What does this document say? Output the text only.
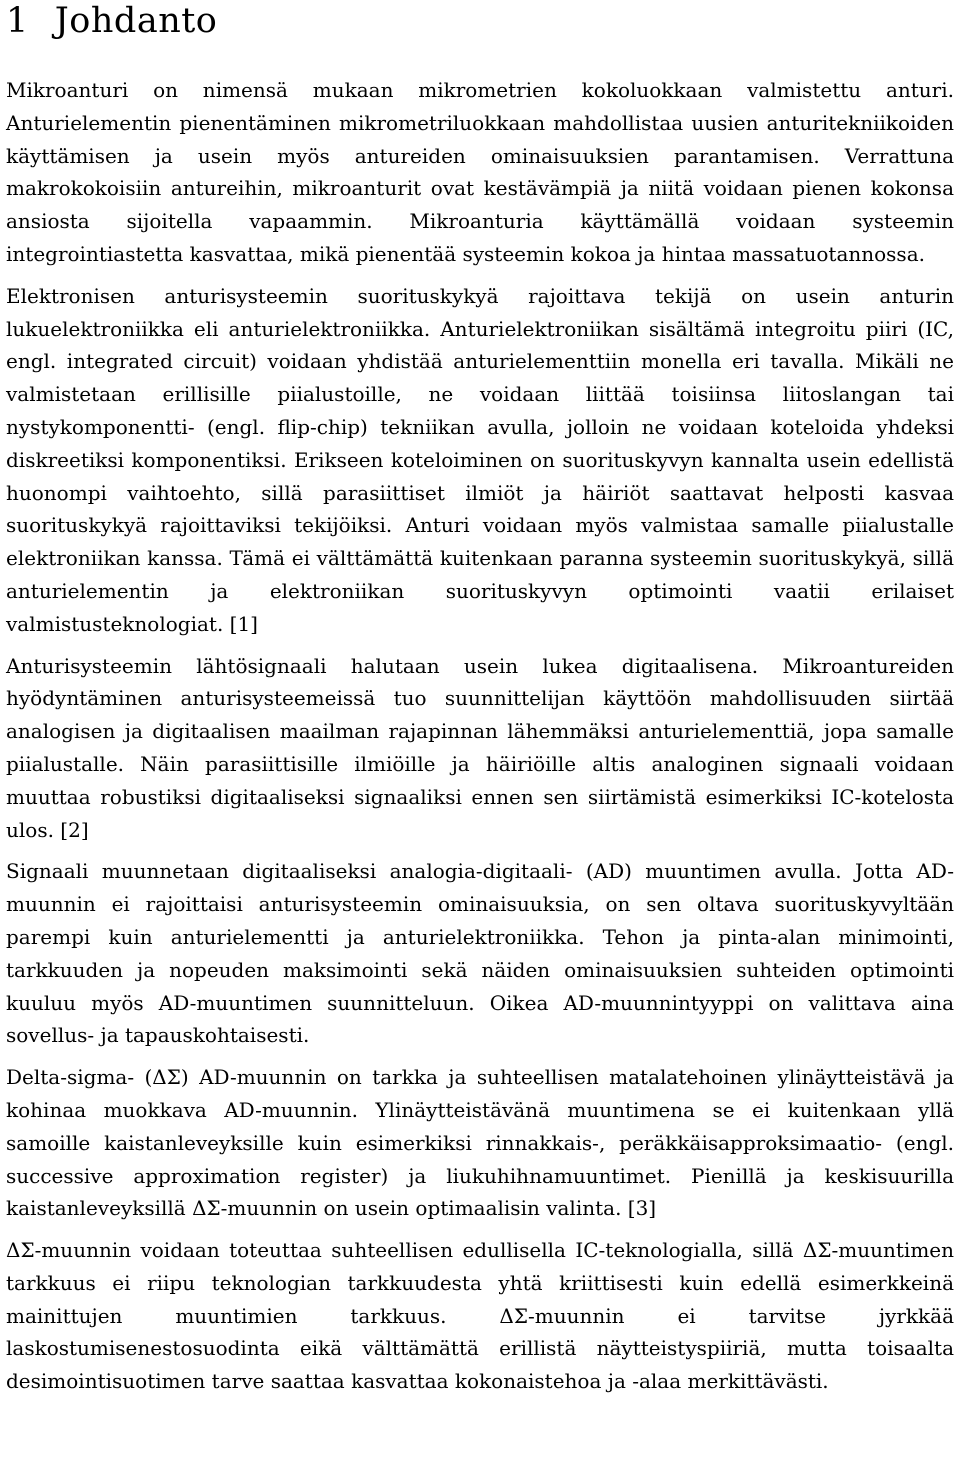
1 Johdanto

Mikroanturi on nimensä mukaan mikrometrien kokoluokkaan valmistettu anturi. Anturielementin pienentäminen mikrometriluokkaan mahdollistaa uusien anturitekniikoiden käyttämisen ja usein myös antureiden ominaisuuksien parantamisen. Verrattuna makrokokoisiin antureihin, mikroanturit ovat kestävämpiä ja niitä voidaan pienen kokonsa ansiosta sijoitella vapaammin. Mikroanturia käyttämällä voidaan systeemin integrointiastetta kasvattaa, mikä pienentää systeemin kokoa ja hintaa massatuotannossa.

Elektronisen anturisysteemin suorituskykyä rajoittava tekijä on usein anturin lukuelektroniikka eli anturielektroniikka. Anturielektroniikan sisältämä integroitu piiri (IC, engl. integrated circuit) voidaan yhdistää anturielementtiin monella eri tavalla. Mikäli ne valmistetaan erillisille piialustoille, ne voidaan liittää toisiinsa liitoslangan tai nystykomponentti- (engl. flip-chip) tekniikan avulla, jolloin ne voidaan koteloida yhdeksi diskreetiksi komponentiksi. Erikseen koteloiminen on suorituskyvyn kannalta usein edellistä huonompi vaihtoehto, sillä parasiittiset ilmiöt ja häiriöt saattavat helposti kasvaa suorituskykyä rajoittaviksi tekijöiksi. Anturi voidaan myös valmistaa samalle piialustalle elektroniikan kanssa. Tämä ei välttämättä kuitenkaan paranna systeemin suorituskykyä, sillä anturielementin ja elektroniikan suorituskyvyn optimointi vaatii erilaiset valmistusteknologiat. [1]

Anturisysteemin lähtösignaali halutaan usein lukea digitaalisena. Mikroantureiden hyödyntäminen anturisysteemeissä tuo suunnittelijan käyttöön mahdollisuuden siirtää analogisen ja digitaalisen maailman rajapinnan lähemmäksi anturielementtiä, jopa samalle piialustalle. Näin parasiittisille ilmiöille ja häiriöille altis analoginen signaali voidaan muuttaa robustiksi digitaaliseksi signaaliksi ennen sen siirtämistä esimerkiksi IC-kotelosta ulos. [2]

Signaali muunnetaan digitaaliseksi analogia-digitaali- (AD) muuntimen avulla. Jotta AD-muunnin ei rajoittaisi anturisysteemin ominaisuuksia, on sen oltava suorituskyvyltään parempi kuin anturielementti ja anturielektroniikka. Tehon ja pinta-alan minimointi, tarkkuuden ja nopeuden maksimointi sekä näiden ominaisuuksien suhteiden optimointi kuuluu myös AD-muuntimen suunnitteluun. Oikea AD-muunnintyyppi on valittava aina sovellus- ja tapauskohtaisesti.

Delta-sigma- (ΔΣ) AD-muunnin on tarkka ja suhteellisen matalatehoinen ylinäytteistävä ja kohinaa muokkava AD-muunnin. Ylinäytteistävänä muuntimena se ei kuitenkaan yllä samoille kaistanleveyksille kuin esimerkiksi rinnakkais-, peräkkäisapproksimaatio- (engl. successive approximation register) ja liukuhihnamuuntimet. Pienillä ja keskisuurilla kaistanleveyksillä ΔΣ-muunnin on usein optimaalisin valinta. [3]

ΔΣ-muunnin voidaan toteuttaa suhteellisen edullisella IC-teknologialla, sillä ΔΣ-muuntimen tarkkuus ei riipu teknologian tarkkuudesta yhtä kriittisesti kuin edellä esimerkkeinä mainittujen muuntimien tarkkuus. ΔΣ-muunnin ei tarvitse jyrkkää laskostumisenestosuodinta eikä välttämättä erillistä näytteistyspiiriä, mutta toisaalta desimointisuotimen tarve saattaa kasvattaa kokonaistehoa ja -alaa merkittävästi.
